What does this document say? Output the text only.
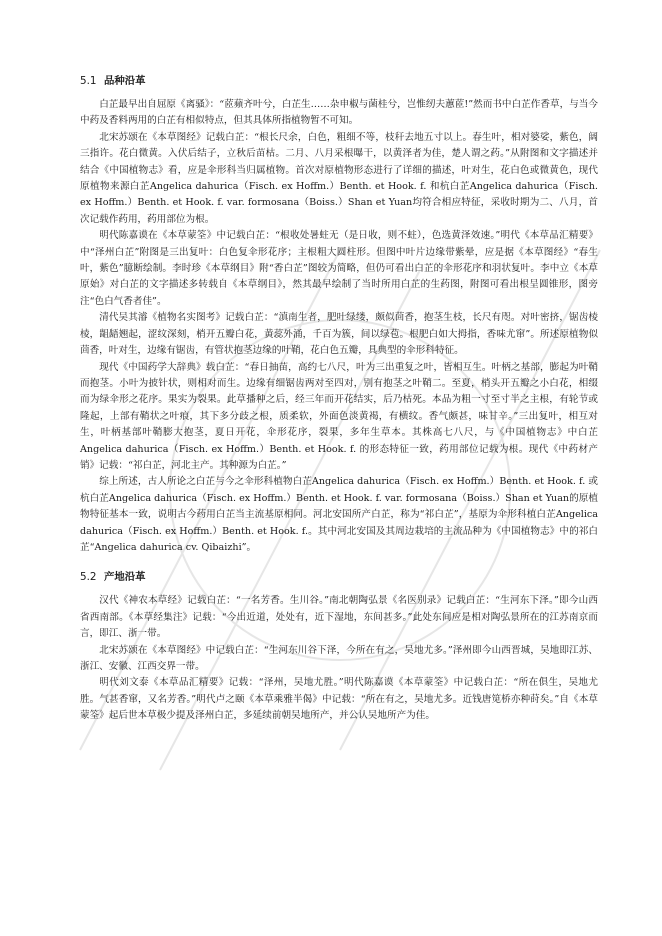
5.1 品种沿革

白芷最早出自屈原《离骚》：“茝蘋齐叶兮，白芷生……杂申椒与菌桂兮，岂惟纫夫蕙茝!”然而书中白芷作香草，与当今中药及香料两用的白芷有相似特点，但其具体所指植物暂不可知。

北宋苏颂在《本草图经》记载白芷：“根长尺余，白色，粗细不等，枝秆去地五寸以上。春生叶，相对婆娑，紫色，阔三指许。花白微黄。入伏后结子，立秋后苗枯。二月、八月采根曝干，以黄泽者为佳，楚人谓之药。”从附图和文字描述并结合《中国植物志》看，应是伞形科当归属植物。首次对原植物形态进行了详细的描述，叶对生，花白色或微黄色，现代原植物来源白芷Angelica dahurica（Fisch. ex Hoffm.）Benth. et Hook. f. 和杭白芷Angelica dahurica（Fisch. ex Hoffm.）Benth. et Hook. f. var. formosana（Boiss.）Shan et Yuan均符合相应特征，采收时期为二、八月，首次记载作药用，药用部位为根。

明代陈嘉谟在《本草蒙筌》中记载白芷：“根收处暑蛀无（是日收，则不蛀），色选黄泽效速。”明代《本草品汇精要》中“泽州白芷”附图是三出复叶：白色复伞形花序；主根粗大圆柱形。但图中叶片边缘带紫晕，应是据《本草图经》“春生叶，紫色”臆断绘制。李时珍《本草纲目》附“香白芷”图较为简略，但仍可看出白芷的伞形花序和羽状复叶。李中立《本草原始》对白芷的文字描述多转载自《本草纲目》，然其最早绘制了当时所用白芷的生药图，附图可看出根呈圆锥形，图旁注“色白气香者佳”。

清代吴其濬《植物名实图考》记载白芷：“滇南生者，肥叶绿缕，颇似茴香，抱茎生枝，长尺有咫。对叶密挤，锯齿棱棱，龃龉翘起，涩纹深刻，梢开五瓣白花，黄蕊外涌，千百为簇，间以绿苞。根肥白如大拇指，香味尤窜”。所述原植物似茴香，叶对生，边缘有锯齿，有管状抱茎边缘的叶鞘，花白色五瓣，具典型的伞形科特征。

现代《中国药学大辞典》载白芷：“春日抽苗，高约七八尺，叶为三出重复之叶，皆相互生。叶柄之基部，膨起为叶鞘而抱茎。小叶为披针状，则相对而生。边缘有细锯齿两对至四对，别有抱茎之叶鞘二。至夏，梢头开五瓣之小白花，相缀而为绿伞形之花序。果实为裂果。此草播种之后，经三年而开花结实，后乃枯死。本品为粗一寸至寸半之主根，有轮节或隆起，上部有鞘状之叶痕，其下多分歧之根，质柔软，外面色淡黄褐，有横纹。香气颇甚，味甘辛。”三出复叶，相互对生，叶柄基部叶鞘膨大抱茎，夏日开花，伞形花序，裂果，多年生草本。其株高七八尺，与《中国植物志》中白芷Angelica dahurica（Fisch. ex Hoffm.）Benth. et Hook. f. 的形态特征一致，药用部位记载为根。现代《中药材产销》记载：“祁白芷，河北主产。其种源为白芷。”

综上所述，古人所论之白芷与今之伞形科植物白芷Angelica dahurica（Fisch. ex Hoffm.）Benth. et Hook. f. 或杭白芷Angelica dahurica（Fisch. ex Hoffm.）Benth. et Hook. f. var. formosana（Boiss.）Shan et Yuan的原植物特征基本一致，说明古今药用白芷当主流基原相同。河北安国所产白芷，称为“祁白芷”，基原为伞形科植白芷Angelica dahurica（Fisch. ex Hoffm.）Benth. et Hook. f.。其中河北安国及其周边栽培的主流品种为《中国植物志》中的祁白芷“Angelica dahurica cv. Qibaizhi”。

5.2 产地沿革

汉代《神农本草经》记载白芷：“一名芳香。生川谷。”南北朝陶弘景《名医别录》记载白芷：“生河东下泽。”即今山西省西南部。《本草经集注》记载：“今出近道，处处有，近下湿地，东间甚多。”此处东间应是相对陶弘景所在的江苏南京而言，即江、浙一带。

北宋苏颂在《本草图经》中记载白芷：“生河东川谷下泽，今所在有之，吴地尤多。”泽州即今山西晋城，吴地即江苏、浙江、安徽、江西交界一带。

明代刘文泰《本草品汇精要》记载：“泽州，吴地尤胜。”明代陈嘉谟《本草蒙筌》中记载白芷：“所在俱生，吴地尤胜。气甚香窜，又名芳香。”明代卢之颐《本草乘雅半偈》中记载：“所在有之，吴地尤多。近钱唐笕桥亦种莳矣。”自《本草蒙筌》起后世本草极少提及泽州白芷，多延续前朝吴地所产，并公认吴地所产为佳。
